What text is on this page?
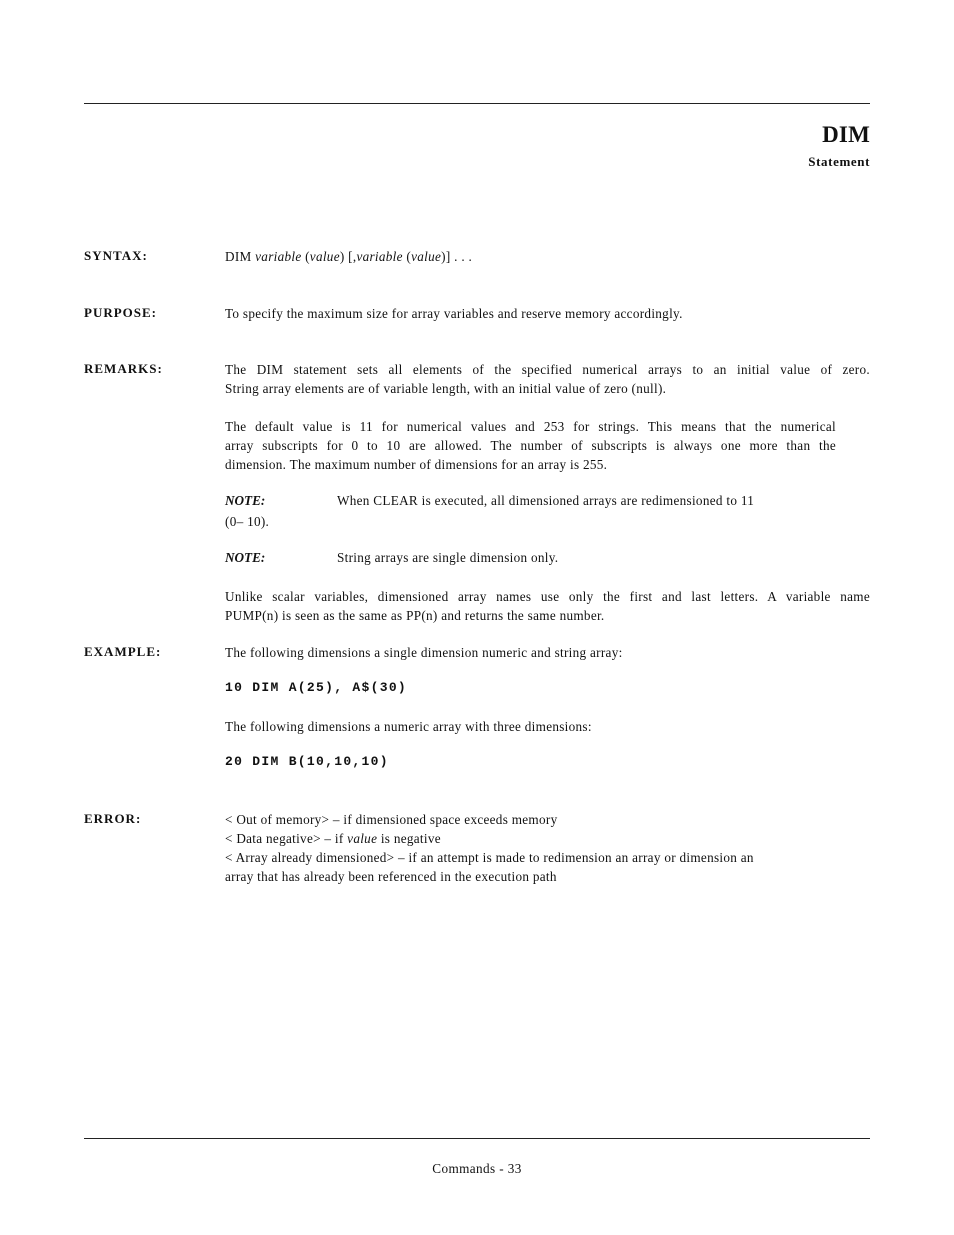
DIM
Statement
SYNTAX:	DIM variable (value) [,variable (value)] . . .
PURPOSE:	To specify the maximum size for array variables and reserve memory accordingly.
REMARKS:	The DIM statement sets all elements of the specified numerical arrays to an initial value of zero.
String array elements are of variable length, with an initial value of zero (null).
The default value is 11 for numerical values and 253 for strings. This means that the numerical
array subscripts for 0 to 10 are allowed. The number of subscripts is always one more than the
dimension. The maximum number of dimensions for an array is 255.
NOTE:	When CLEAR is executed, all dimensioned arrays are redimensioned to 11
(0– 10).
NOTE:	String arrays are single dimension only.
Unlike scalar variables, dimensioned array names use only the first and last letters. A variable name
PUMP(n) is seen as the same as PP(n) and returns the same number.
EXAMPLE:	The following dimensions a single dimension numeric and string array:
10 DIM A(25), A$(30)
The following dimensions a numeric array with three dimensions:
20 DIM B(10,10,10)
ERROR:	< Out of memory> – if dimensioned space exceeds memory
< Data negative> – if value is negative
< Array already dimensioned> – if an attempt is made to redimension an array or dimension an
array that has already been referenced in the execution path
Commands - 33
